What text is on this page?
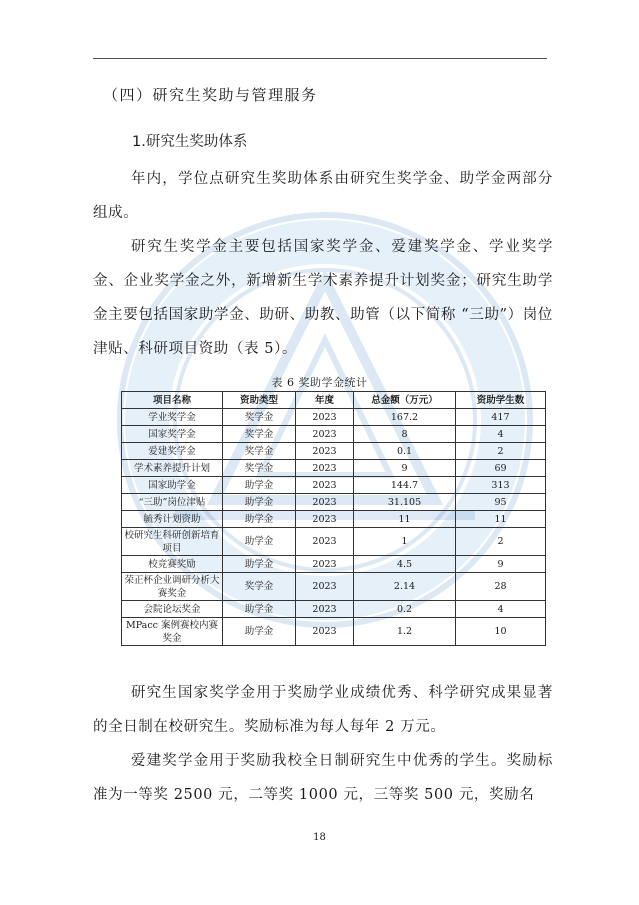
（四）研究生奖助与管理服务
1.研究生奖助体系
年内，学位点研究生奖助体系由研究生奖学金、助学金两部分组成。
研究生奖学金主要包括国家奖学金、爱建奖学金、学业奖学金、企业奖学金之外，新增新生学术素养提升计划奖金；研究生助学金主要包括国家助学金、助研、助教、助管（以下简称 “三助”）岗位津贴、科研项目资助（表 5）。
表 6 奖助学金统计
项目名称	资助类型	年度	总金额（万元）	资助学生数
学业奖学金	奖学金	2023	167.2	417
国家奖学金	奖学金	2023	8	4
爱建奖学金	奖学金	2023	0.1	2
学术素养提升计划	奖学金	2023	9	69
国家助学金	助学金	2023	144.7	313
“三助”岗位津贴	助学金	2023	31.105	95
毓秀计划资助	助学金	2023	11	11
校研究生科研创新培育项目	助学金	2023	1	2
校竞赛奖励	助学金	2023	4.5	9
荣正杯企业调研分析大赛奖金	奖学金	2023	2.14	28
会院论坛奖金	助学金	2023	0.2	4
MPacc 案例赛校内赛奖金	助学金	2023	1.2	10
研究生国家奖学金用于奖励学业成绩优秀、科学研究成果显著的全日制在校研究生。奖励标准为每人每年 2 万元。
爱建奖学金用于奖励我校全日制研究生中优秀的学生。奖励标准为一等奖 2500 元，二等奖 1000 元，三等奖 500 元，奖励名
18
